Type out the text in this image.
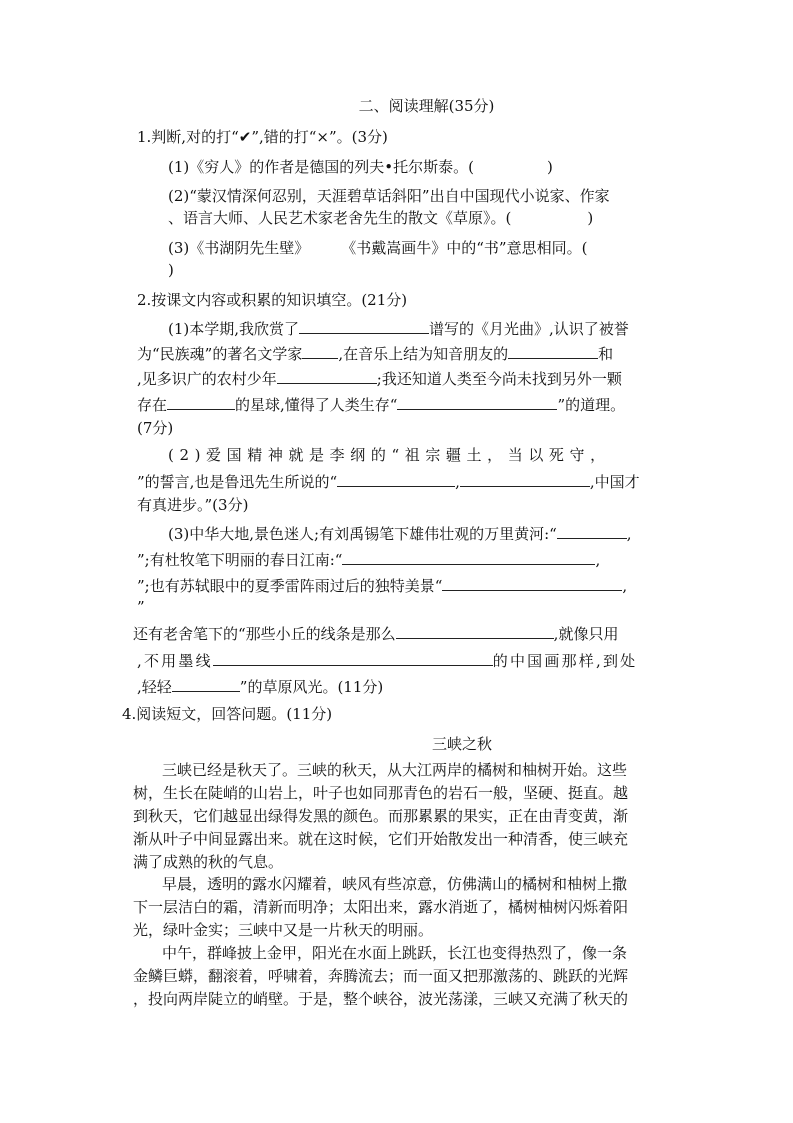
二、阅读理解(35分)
1.判断,对的打“✔”,错的打“×”。(3分)
(1)《穷人》的作者是德国的列夫•托尔斯泰。(	)
(2)“蒙汉情深何忍别，天涯碧草话斜阳”出自中国现代小说家、作家
、语言大师、人民艺术家老舍先生的散文《草原》。(	)
(3)《书湖阴先生壁》 《书戴嵩画牛》中的“书”意思相同。(
)
2.按课文内容或积累的知识填空。(21分)
(1)本学期,我欣赏了	谱写的《月光曲》,认识了被誉
为“民族魂”的著名文学家 ,在音乐上结为知音朋友的	和
,见多识广的农村少年	;我还知道人类至今尚未找到另外一颗
存在	的星球,懂得了人类生存“	”的道理。
(7分)
(2)爱国精神就是李纲的“祖宗疆土，当以死守，
”的誓言,也是鲁迅先生所说的“	,	,中国才
有真进步。”(3分)
(3)中华大地,景色迷人;有刘禹锡笔下雄伟壮观的万里黄河:“	,
”;有杜牧笔下明丽的春日江南:“	,
”;也有苏轼眼中的夏季雷阵雨过后的独特美景“	,
”
还有老舍笔下的“那些小丘的线条是那么	,就像只用
,不用墨线	的中国画那样,到处
,轻轻	”的草原风光。(11分)
4.阅读短文，回答问题。(11分)
三峡之秋
三峡已经是秋天了。三峡的秋天，从大江两岸的橘树和柚树开始。这些
树，生长在陡峭的山岩上，叶子也如同那青色的岩石一般，坚硬、挺直。越
到秋天，它们越显出绿得发黑的颜色。而那累累的果实，正在由青变黄，渐
渐从叶子中间显露出来。就在这时候，它们开始散发出一种清香，使三峡充
满了成熟的秋的气息。
早晨，透明的露水闪耀着，峡风有些凉意，仿佛满山的橘树和柚树上撒
下一层洁白的霜，清新而明净；太阳出来，露水消逝了，橘树柚树闪烁着阳
光，绿叶金实；三峡中又是一片秋天的明丽。
中午，群峰披上金甲，阳光在水面上跳跃，长江也变得热烈了，像一条
金鳞巨蟒，翻滚着，呼啸着，奔腾流去；而一面又把那激荡的、跳跃的光辉
，投向两岸陡立的峭壁。于是，整个峡谷，波光荡漾，三峡又充满了秋天的
